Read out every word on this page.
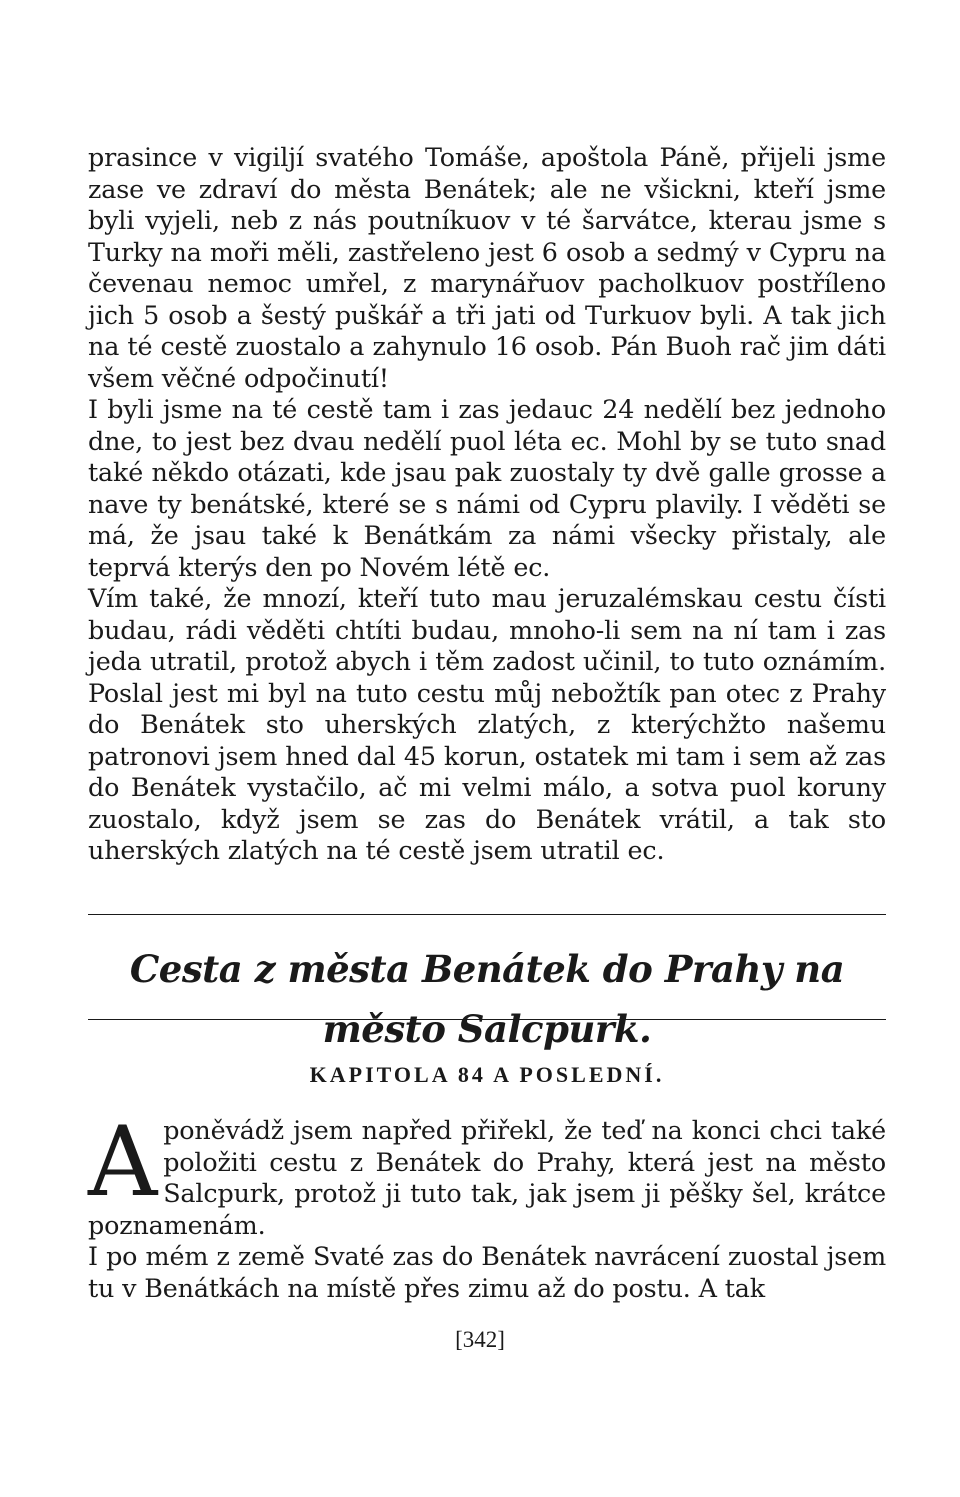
prasince v vigiljí svatého Tomáše, apoštola Páně, přijeli jsme zase ve zdraví do města Benátek; ale ne všickni, kteří jsme byli vyjeli, neb z nás poutníkuov v té šarvátce, kterau jsme s Turky na moři měli, zastřeleno jest 6 osob a sedmý v Cypru na čevenau nemoc umřel, z marynářuov pacholkuov postříleno jich 5 osob a šestý puškář a tři jati od Turkuov byli. A tak jich na té cestě zuostalo a zahynulo 16 osob. Pán Buoh rač jim dáti všem věčné odpočinutí!

I byli jsme na té cestě tam i zas jedauc 24 nedělí bez jednoho dne, to jest bez dvau nedělí puol léta ec. Mohl by se tuto snad také někdo otázati, kde jsau pak zuostaly ty dvě galle grosse a nave ty benátské, které se s námi od Cypru plavily. I věděti se má, že jsau také k Benátkám za námi všecky přistaly, ale teprvá kterýs den po Novém létě ec.

Vím také, že mnozí, kteří tuto mau jeruzalémskau cestu čísti budau, rádi věděti chtíti budau, mnoho-li sem na ní tam i zas jeda utratil, protož abych i těm zadost učinil, to tuto oznámím. Poslal jest mi byl na tuto cestu můj nebožtík pan otec z Prahy do Benátek sto uherských zlatých, z kterýchžto našemu patronovi jsem hned dal 45 korun, ostatek mi tam i sem až zas do Benátek vystačilo, ač mi velmi málo, a sotva puol koruny zuostalo, když jsem se zas do Benátek vrátil, a tak sto uherských zlatých na té cestě jsem utratil ec.

Cesta z města Benátek do Prahy na město Salcpurk.
KAPITOLA 84 A POSLEDNÍ.

Aponěvádž jsem napřed přiřekl, že teď na konci chci také položiti cestu z Benátek do Prahy, která jest na město Salcpurk, protož ji tuto tak, jak jsem ji pěšky šel, krátce poznamenám.

I po mém z země Svaté zas do Benátek navrácení zuostal jsem tu v Benátkách na místě přes zimu až do postu. A tak

[342]
